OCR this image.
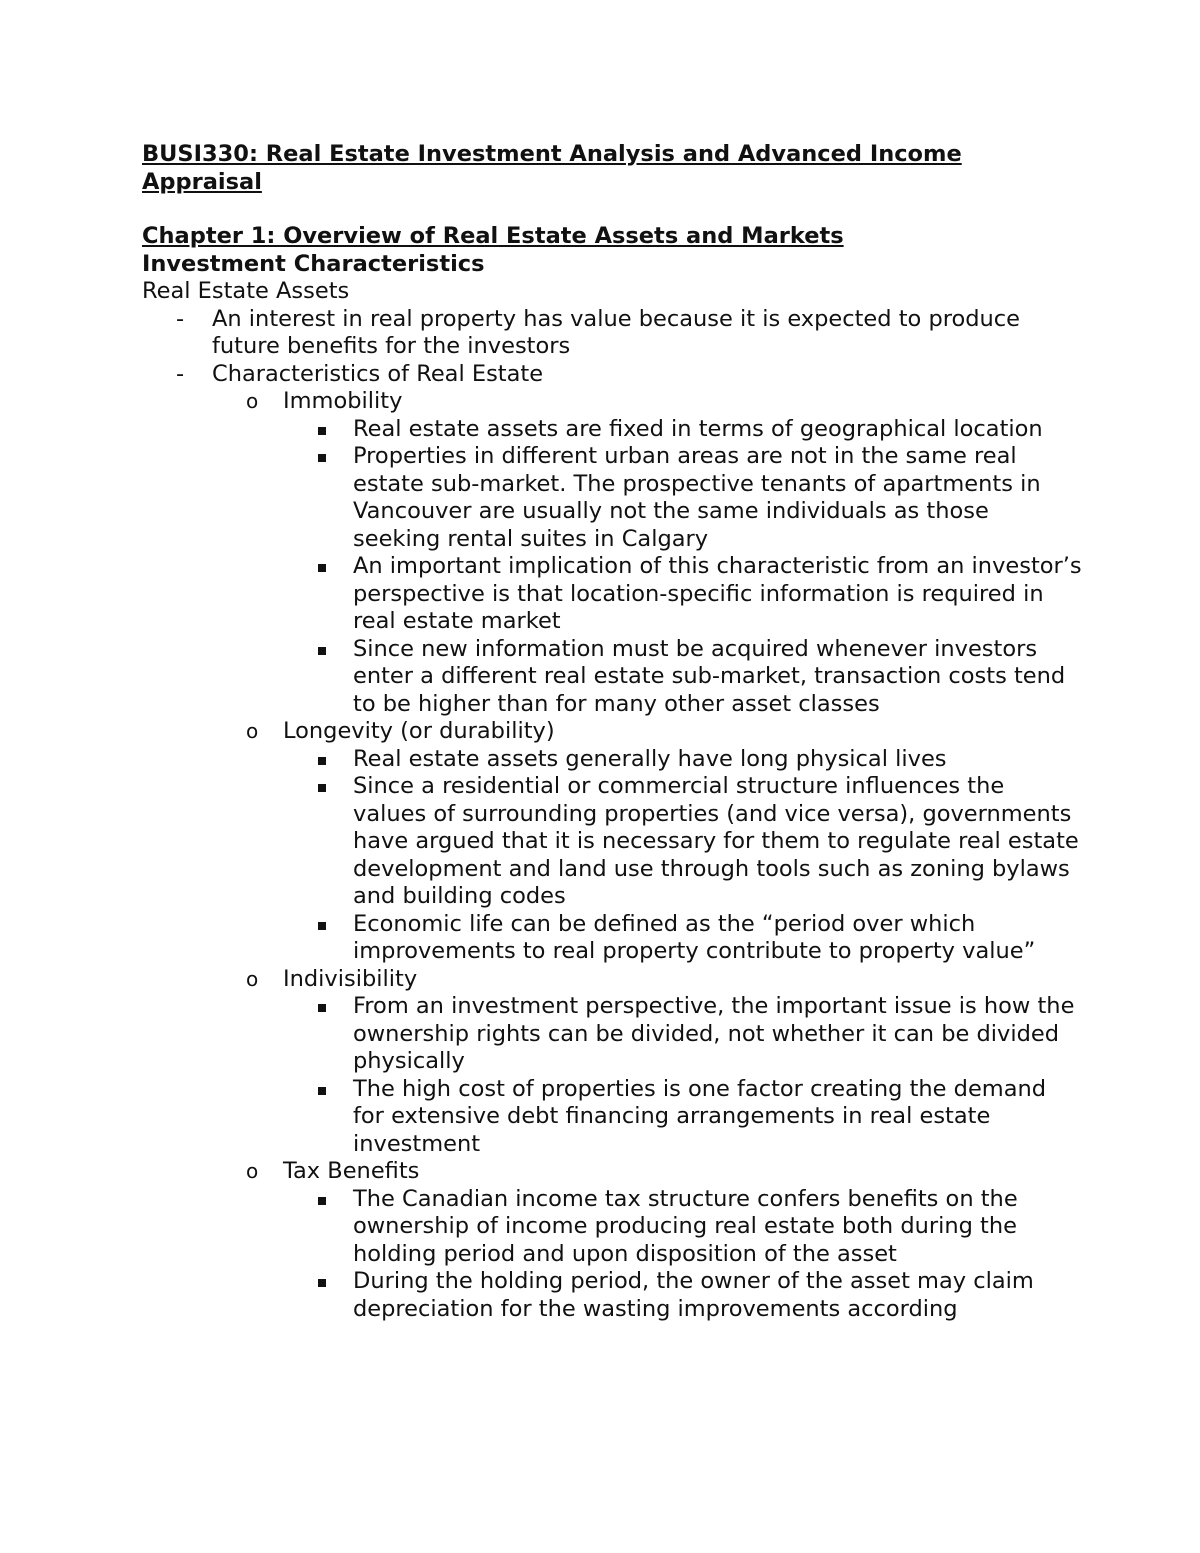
BUSI330: Real Estate Investment Analysis and Advanced Income
Appraisal

Chapter 1: Overview of Real Estate Assets and Markets

Investment Characteristics

Real Estate Assets

- An interest in real property has value because it is expected to produce future benefits for the investors
- Characteristics of Real Estate
o Immobility
Real estate assets are fixed in terms of geographical location
Properties in different urban areas are not in the same real estate sub-market. The prospective tenants of apartments in Vancouver are usually not the same individuals as those seeking rental suites in Calgary
An important implication of this characteristic from an investor’s perspective is that location-specific information is required in real estate market
Since new information must be acquired whenever investors enter a different real estate sub-market, transaction costs tend to be higher than for many other asset classes
o Longevity (or durability)
Real estate assets generally have long physical lives
Since a residential or commercial structure influences the values of surrounding properties (and vice versa), governments have argued that it is necessary for them to regulate real estate development and land use through tools such as zoning bylaws and building codes
Economic life can be defined as the “period over which improvements to real property contribute to property value”
o Indivisibility
From an investment perspective, the important issue is how the ownership rights can be divided, not whether it can be divided physically
The high cost of properties is one factor creating the demand for extensive debt financing arrangements in real estate investment
o Tax Benefits
The Canadian income tax structure confers benefits on the ownership of income producing real estate both during the holding period and upon disposition of the asset
During the holding period, the owner of the asset may claim depreciation for the wasting improvements according
